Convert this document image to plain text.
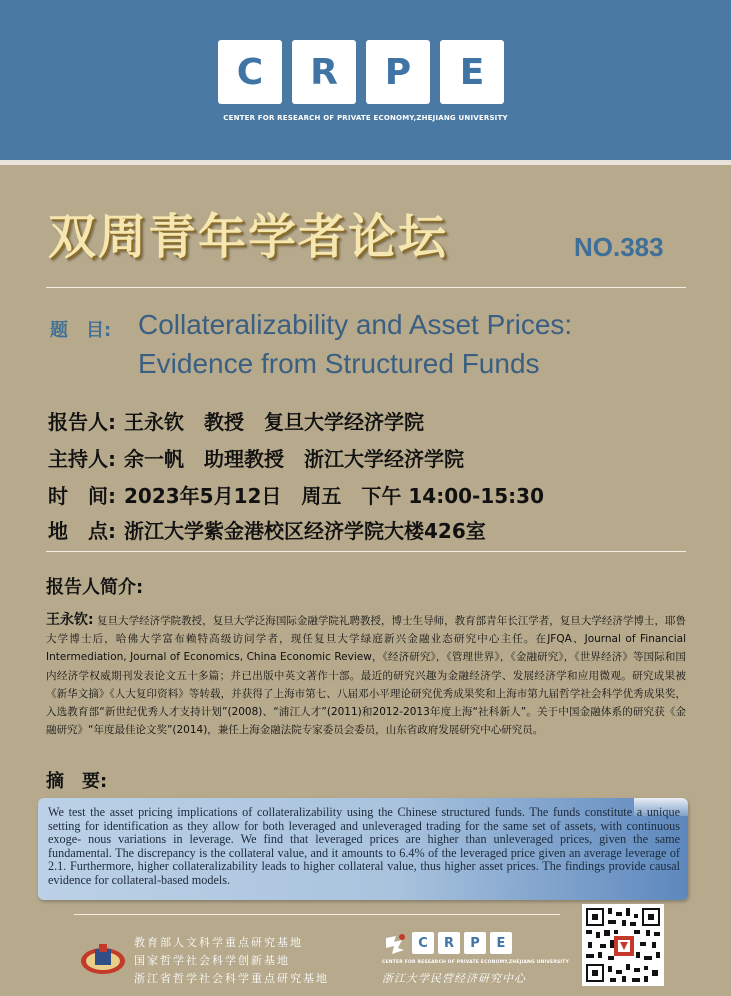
C	R	P	E
CENTER FOR RESEARCH OF PRIVATE ECONOMY,ZHEJIANG UNIVERSITY
双周青年学者论坛	NO.383
题　目: Collateralizability and Asset Prices:
Evidence from Structured Funds
报告人: 王永钦　教授　复旦大学经济学院
主持人: 余一帆　助理教授　浙江大学经济学院
时　间: 2023年5月12日　周五　下午 14:00-15:30
地　点: 浙江大学紫金港校区经济学院大楼426室
报告人简介:
王永钦: 复旦大学经济学院教授，复旦大学泛海国际金融学院礼聘教授，博士生导师，教育部青年长江学者，复旦大学经济学博士，耶鲁大学博士后，哈佛大学富布赖特高级访问学者，现任复旦大学绿庭新兴金融业态研究中心主任。在JFQA、Journal of Financial Intermediation, Journal of Economics, China Economic Review，《经济研究》，《管理世界》，《金融研究》，《世界经济》等国际和国内经济学权威期刊发表论文五十多篇；并已出版中英文著作十部。最近的研究兴趣为金融经济学、发展经济学和应用微观。研究成果被《新华文摘》《人大复印资料》等转载，并获得了上海市第七、八届邓小平理论研究优秀成果奖和上海市第九届哲学社会科学优秀成果奖，入选教育部“新世纪优秀人才支持计划”(2008)、“浦江人才”(2011)和2012-2013年度上海“社科新人”。关于中国金融体系的研究获《金融研究》“年度最佳论文奖”(2014)，兼任上海金融法院专家委员会委员，山东省政府发展研究中心研究员。
摘　要:
We test the asset pricing implications of collateralizability using the Chinese structured funds. The funds constitute a unique setting for identification as they allow for both leveraged and unleveraged trading for the same set of assets, with continuous exoge- nous variations in leverage. We find that leveraged prices are higher than unleveraged prices, given the same fundamental. The discrepancy is the collateral value, and it amounts to 6.4% of the leveraged price given an average leverage of 2.1. Furthermore, higher collateralizability leads to higher collateral value, thus higher asset prices. The findings provide causal evidence for collateral-based models.
教育部人文科学重点研究基地
国家哲学社会科学创新基地
浙江省哲学社会科学重点研究基地
C	R	P	E
CENTER FOR RESEARCH OF PRIVATE ECONOMY,ZHEJIANG UNIVERSITY
浙江大学民营经济研究中心
